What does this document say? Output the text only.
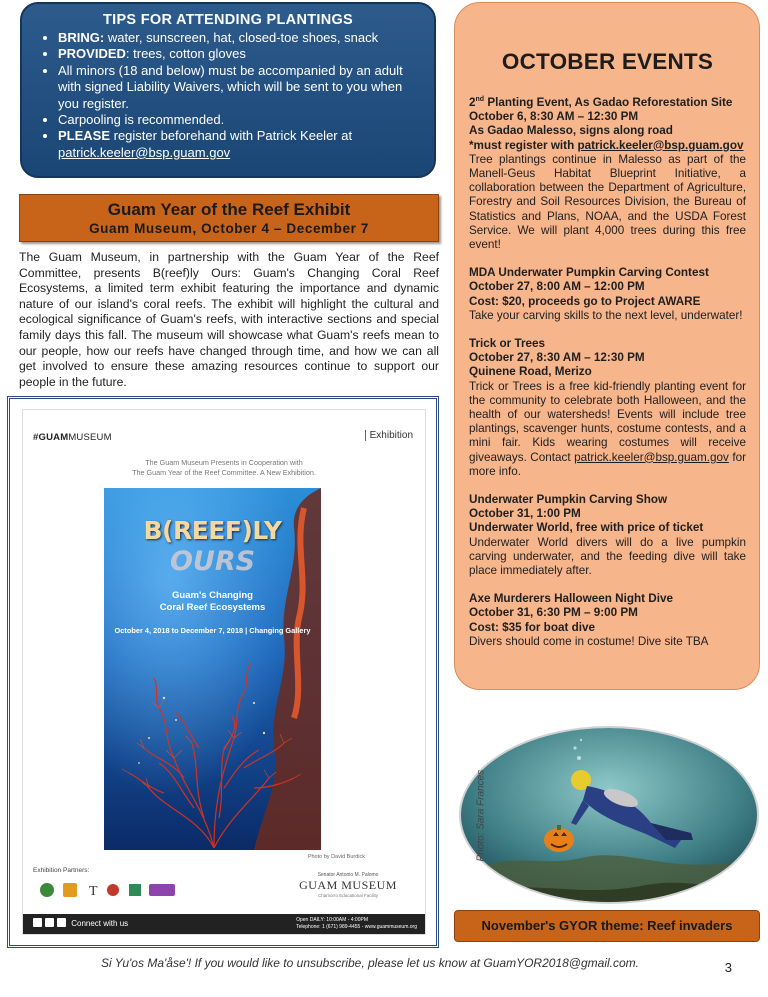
TIPS FOR ATTENDING PLANTINGS
• BRING: water, sunscreen, hat, closed-toe shoes, snack
• PROVIDED: trees, cotton gloves
• All minors (18 and below) must be accompanied by an adult with signed Liability Waivers, which will be sent to you when you register.
• Carpooling is recommended.
• PLEASE register beforehand with Patrick Keeler at patrick.keeler@bsp.guam.gov
Guam Year of the Reef Exhibit
Guam Museum, October 4 – December 7

The Guam Museum, in partnership with the Guam Year of the Reef Committee, presents B(reef)ly Ours: Guam's Changing Coral Reef Ecosystems, a limited term exhibit featuring the importance and dynamic nature of our island's coral reefs. The exhibit will highlight the cultural and ecological significance of Guam's reefs, with interactive sections and special family days this fall. The museum will showcase what Guam's reefs mean to our people, how our reefs have changed through time, and how we can all get involved to ensure these amazing resources continue to support our people in the future.

#GUAMMUSEUM	Exhibition
The Guam Museum Presents in Cooperation with
The Guam Year of the Reef Committee. A New Exhibition.
B(REEF)LY
OURS
Guam's Changing
Coral Reef Ecosystems
October 4, 2018 to December 7, 2018 | Changing Gallery
Photo by David Burdick
Exhibition Partners:
T
Senator Antonio M. Palomo
GUAM MUSEUM
Chamorro Educational Facility
Connect with us	Open DAILY: 10:00AM - 4:00PM
Telephone: 1 (671) 989-4455 - www.guammuseum.org
OCTOBER EVENTS
2nd Planting Event, As Gadao Reforestation Site
October 6, 8:30 AM – 12:30 PM
As Gadao Malesso, signs along road
*must register with patrick.keeler@bsp.guam.gov
Tree plantings continue in Malesso as part of the Manell-Geus Habitat Blueprint Initiative, a collaboration between the Department of Agriculture, Forestry and Soil Resources Division, the Bureau of Statistics and Plans, NOAA, and the USDA Forest Service. We will plant 4,000 trees during this free event!
MDA Underwater Pumpkin Carving Contest
October 27, 8:00 AM – 12:00 PM
Cost: $20, proceeds go to Project AWARE
Take your carving skills to the next level, underwater!
Trick or Trees
October 27, 8:30 AM – 12:30 PM
Quinene Road, Merizo
Trick or Trees is a free kid-friendly planting event for the community to celebrate both Halloween, and the health of our watersheds! Events will include tree plantings, scavenger hunts, costume contests, and a mini fair. Kids wearing costumes will receive giveaways. Contact patrick.keeler@bsp.guam.gov for more info.
Underwater Pumpkin Carving Show
October 31, 1:00 PM
Underwater World, free with price of ticket
Underwater World divers will do a live pumpkin carving underwater, and the feeding dive will take place immediately after.
Axe Murderers Halloween Night Dive
October 31, 6:30 PM – 9:00 PM
Cost: $35 for boat dive
Divers should come in costume! Dive site TBA
Photo: Sara Frances
November's GYOR theme: Reef invaders
Si Yu'os Ma'åse'! If you would like to unsubscribe, please let us know at GuamYOR2018@gmail.com.	3
